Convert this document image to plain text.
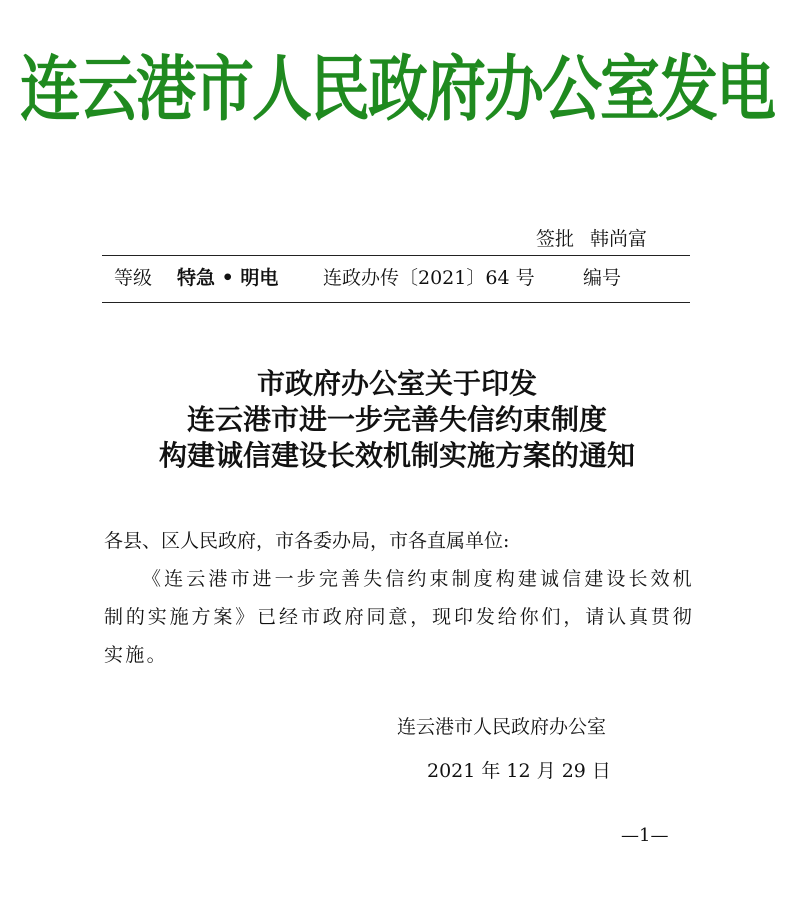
连云港市人民政府办公室发电
签批 韩尚富
等级 特急 • 明电 连政办传〔2021〕64 号	编号
市政府办公室关于印发
连云港市进一步完善失信约束制度
构建诚信建设长效机制实施方案的通知
各县、区人民政府，市各委办局，市各直属单位:
《连云港市进一步完善失信约束制度构建诚信建设长效机制的实施方案》已经市政府同意，现印发给你们，请认真贯彻实施。
连云港市人民政府办公室
2021 年 12 月 29 日
—1—
